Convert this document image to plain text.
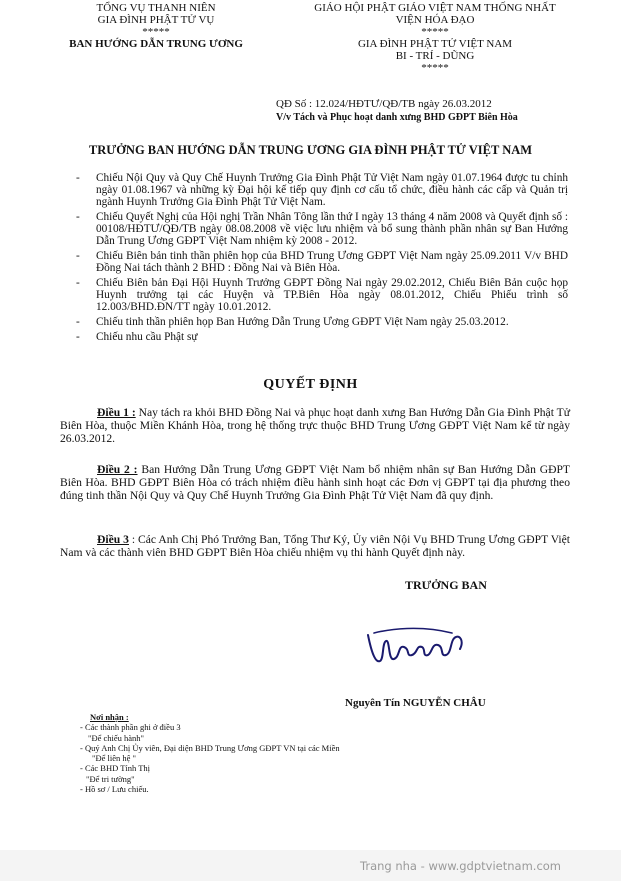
TỔNG VỤ THANH NIÊN
GIA ĐÌNH PHẬT TỬ VỤ
*****
BAN HƯỚNG DẪN TRUNG ƯƠNG
GIÁO HỘI PHẬT GIÁO VIỆT NAM THỐNG NHẤT
VIỆN HÓA ĐẠO
*****
GIA ĐÌNH PHẬT TỬ VIỆT NAM
BI - TRÍ - DŨNG
*****
QĐ Số : 12.024/HĐTƯ/QĐ/TB ngày 26.03.2012
V/v Tách và Phục hoạt danh xưng BHD GĐPT Biên Hòa
TRƯỞNG BAN HƯỚNG DẪN TRUNG ƯƠNG GIA ĐÌNH PHẬT TỬ VIỆT NAM
- Chiếu Nội Quy và Quy Chế Huynh Trưởng Gia Đình Phật Tử Việt Nam ngày 01.07.1964 được tu chỉnh ngày 01.08.1967 và những kỳ Đại hội kế tiếp quy định cơ cấu tổ chức, điều hành các cấp và Quản trị ngành Huynh Trưởng Gia Đình Phật Tử Việt Nam.
- Chiếu Quyết Nghị của Hội nghị Trần Nhân Tông lần thứ I ngày 13 tháng 4 năm 2008 và Quyết định số : 00108/HĐTƯ/QĐ/TB ngày 08.08.2008 về việc lưu nhiệm và bổ sung thành phần nhân sự Ban Hướng Dẫn Trung Ương GĐPT Việt Nam nhiệm kỳ 2008 - 2012.
- Chiếu Biên bản tinh thần phiên họp của BHD Trung Ương GĐPT Việt Nam ngày 25.09.2011 V/v BHD Đồng Nai tách thành 2 BHD : Đồng Nai và Biên Hòa.
- Chiếu Biên bản Đại Hội Huynh Trưởng GĐPT Đồng Nai ngày 29.02.2012, Chiếu Biên Bản cuộc họp Huynh trưởng tại các Huyện và TP.Biên Hòa ngày 08.01.2012, Chiếu Phiếu trình số 12.003/BHD.ĐN/TT ngày 10.01.2012.
- Chiếu tinh thần phiên họp Ban Hướng Dẫn Trung Ương GĐPT Việt Nam ngày 25.03.2012.
- Chiếu nhu cầu Phật sự
QUYẾT ĐỊNH
Điều 1 : Nay tách ra khỏi BHD Đồng Nai và phục hoạt danh xưng Ban Hướng Dẫn Gia Đình Phật Tử Biên Hòa, thuộc Miền Khánh Hòa, trong hệ thống trực thuộc BHD Trung Ương GĐPT Việt Nam kể từ ngày 26.03.2012.
Điều 2 : Ban Hướng Dẫn Trung Ương GĐPT Việt Nam bổ nhiệm nhân sự Ban Hướng Dẫn GĐPT Biên Hòa. BHD GĐPT Biên Hòa có trách nhiệm điều hành sinh hoạt các Đơn vị GĐPT tại địa phương theo đúng tinh thần Nội Quy và Quy Chế Huynh Trưởng Gia Đình Phật Tử Việt Nam đã quy định.
Điều 3 : Các Anh Chị Phó Trưởng Ban, Tổng Thư Ký, Ủy viên Nội Vụ BHD Trung Ương GĐPT Việt Nam và các thành viên BHD GĐPT Biên Hòa chiếu nhiệm vụ thi hành Quyết định này.
TRƯỞNG BAN
Nguyên Tín NGUYỄN CHÂU
Nơi nhận :
- Các thành phần ghi ở điều 3
"Để chiếu hành"
- Quý Anh Chị Ủy viên, Đại diện BHD Trung Ương GĐPT VN tại các Miền
"Để liên hệ "
- Các BHD Tỉnh Thị
"Để tri tường"
- Hồ sơ / Lưu chiếu.
Trang nha - www.gdptvietnam.com
